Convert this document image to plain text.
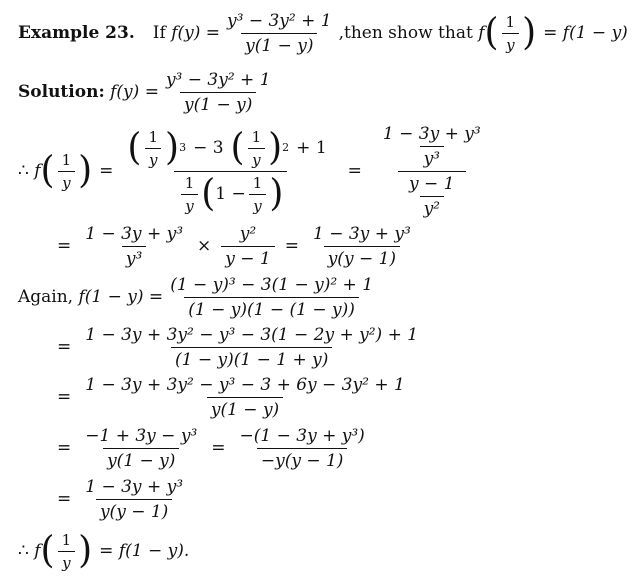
Example 23. If
$f(y) = \frac{\text{y³ − 3y² + 1}}{y(1 - y)}$ ,then show that
f ( $\frac{1}{y}$ ) = f(1 − y)
Solution:
$f(y) = \frac{\text{y³ − 3y² + 1}}{y(1 - y)}$
∴
f ( $\frac{1}{y}$ ) =
( $\frac{1}{y}$ ) 3 − 3 ( $\frac{1}{y}$ ) 2 + 1
$\frac{1}{y}$ ( $1 - \frac{1}{y}$ )
= $\frac{\frac{\text{1 − 3y + y³}}{\text{y³}}}{\frac{y - 1}{\text{y²}}}$
= $\frac{\text{1 − 3y + y³}}{\text{y³}} \times \frac{\text{y²}}{y - 1} = \frac{\text{1 − 3y + y³}}{y(y - 1)}$
Again,
$f(1 - y) = \frac{\text{(1 − y)³ − 3(1 − y)² + 1}}{(1 - y)(1 - (1 - y))}$
= $\frac{\text{1 − 3y + 3y² − y³ − 3(1 − 2y + y²) + 1}}{(1 - y)(1 - 1 + y)}$
= $\frac{\text{1 − 3y + 3y² − y³ − 3 + 6y − 3y² + 1}}{y(1 - y)}$
= $\frac{\text{−1 + 3y − y³}}{y(1 - y)} = \frac{\text{−(1 − 3y + y³)}}{-y(y - 1)}$
= $\frac{\text{1 − 3y + y³}}{y(y - 1)}$
∴
f ( $\frac{1}{y}$ ) = f(1 − y).
